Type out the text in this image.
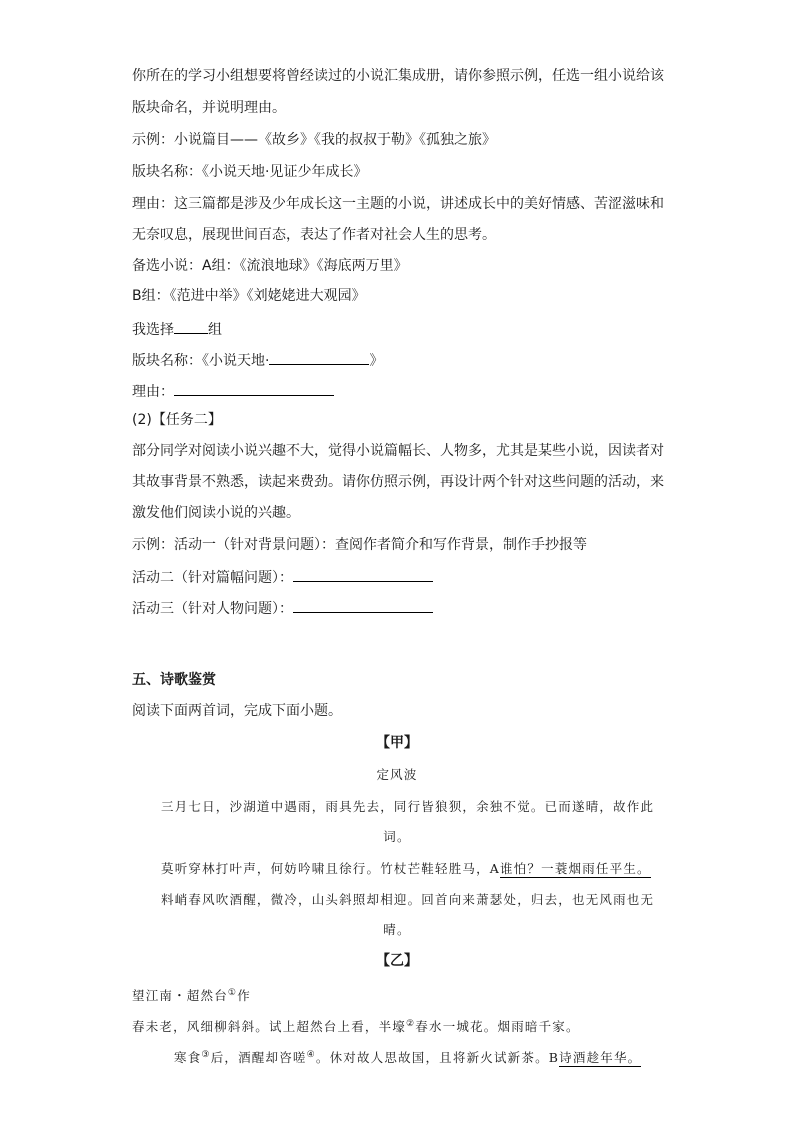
你所在的学习小组想要将曾经读过的小说汇集成册，请你参照示例，任选一组小说给该
版块命名，并说明理由。
示例：小说篇目——《故乡》《我的叔叔于勒》《孤独之旅》
版块名称：《小说天地·见证少年成长》
理由：这三篇都是涉及少年成长这一主题的小说，讲述成长中的美好情感、苦涩滋味和
无奈叹息，展现世间百态，表达了作者对社会人生的思考。
备选小说：A组：《流浪地球》《海底两万里》
B组：《范进中举》《刘姥姥进大观园》
我选择 组
版块名称：《小说天地·	》
理由：
(2)【任务二】
部分同学对阅读小说兴趣不大，觉得小说篇幅长、人物多，尤其是某些小说，因读者对
其故事背景不熟悉，读起来费劲。请你仿照示例，再设计两个针对这些问题的活动，来
激发他们阅读小说的兴趣。
示例：活动一（针对背景问题）：查阅作者简介和写作背景，制作手抄报等
活动二（针对篇幅问题）：
活动三（针对人物问题）：
五、诗歌鉴赏
阅读下面两首词，完成下面小题。
【甲】
定风波
三月七日，沙湖道中遇雨，雨具先去，同行皆狼狈，余独不觉。已而遂晴，故作此
词。
莫听穿林打叶声，何妨吟啸且徐行。竹杖芒鞋轻胜马，A谁怕？一蓑烟雨任平生。
料峭春风吹酒醒，微冷，山头斜照却相迎。回首向来萧瑟处，归去，也无风雨也无
晴。
【乙】
望江南・超然台①作
春未老，风细柳斜斜。试上超然台上看，半壕②春水一城花。烟雨暗千家。
寒食③后，酒醒却咨嗟④。休对故人思故国，且将新火试新茶。B诗酒趁年华。
